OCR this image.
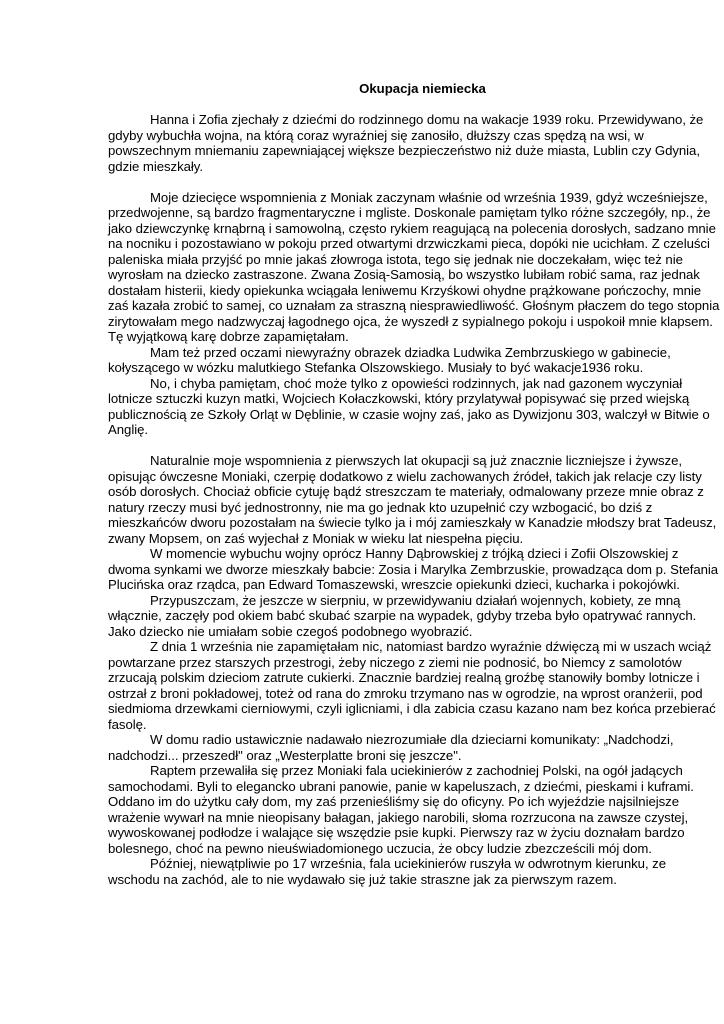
Okupacja niemiecka

Hanna i Zofia zjechały z dziećmi do rodzinnego domu na wakacje 1939 roku. Przewidywano, że gdyby wybuchła wojna, na którą coraz wyraźniej się zanosiło, dłuższy czas spędzą na wsi, w powszechnym mniemaniu zapewniającej większe bezpieczeństwo niż duże miasta, Lublin czy Gdynia, gdzie mieszkały.

Moje dziecięce wspomnienia z Moniak zaczynam właśnie od września 1939, gdyż wcześniejsze, przedwojenne, są bardzo fragmentaryczne i mgliste. Doskonale pamiętam tylko różne szczegóły, np., że jako dziewczynkę krnąbrną i samowolną, często rykiem reagującą na polecenia dorosłych, sadzano mnie na nocniku i pozostawiano w pokoju przed otwartymi drzwiczkami pieca, dopóki nie ucichłam. Z czeluści paleniska miała przyjść po mnie jakaś złowroga istota, tego się jednak nie doczekałam, więc też nie wyrosłam na dziecko zastraszone. Zwana Zosią-Samosią, bo wszystko lubiłam robić sama, raz jednak dostałam histerii, kiedy opiekunka wciągała leniwemu Krzyśkowi ohydne prążkowane pończochy, mnie zaś kazała zrobić to samej, co uznałam za straszną niesprawiedliwość. Głośnym płaczem do tego stopnia zirytowałam mego nadzwyczaj łagodnego ojca, że wyszedł z sypialnego pokoju i uspokoił mnie klapsem. Tę wyjątkową karę dobrze zapamiętałam.

Mam też przed oczami niewyraźny obrazek dziadka Ludwika Zembrzuskiego w gabinecie, kołyszącego w wózku malutkiego Stefanka Olszowskiego. Musiały to być wakacje1936 roku.

No, i chyba pamiętam, choć może tylko z opowieści rodzinnych, jak nad gazonem wyczyniał lotnicze sztuczki kuzyn matki, Wojciech Kołaczkowski, który przylatywał popisywać się przed wiejską publicznością ze Szkoły Orląt w Dęblinie, w czasie wojny zaś, jako as Dywizjonu 303, walczył w Bitwie o Anglię.

Naturalnie moje wspomnienia z pierwszych lat okupacji są już znacznie liczniejsze i żywsze, opisując ówczesne Moniaki, czerpię dodatkowo z wielu zachowanych źródeł, takich jak relacje czy listy osób dorosłych. Chociaż obficie cytuję bądź streszczam te materiały, odmalowany przeze mnie obraz z natury rzeczy musi być jednostronny, nie ma go jednak kto uzupełnić czy wzbogacić, bo dziś z mieszkańców dworu pozostałam na świecie tylko ja i mój zamieszkały w Kanadzie młodszy brat Tadeusz, zwany Mopsem, on zaś wyjechał z Moniak w wieku lat niespełna pięciu.

W momencie wybuchu wojny oprócz Hanny Dąbrowskiej z trójką dzieci i Zofii Olszowskiej z dwoma synkami we dworze mieszkały babcie: Zosia i Marylka Zembrzuskie, prowadząca dom p. Stefania Plucińska oraz rządca, pan Edward Tomaszewski, wreszcie opiekunki dzieci, kucharka i pokojówki.

Przypuszczam, że jeszcze w sierpniu, w przewidywaniu działań wojennych, kobiety, ze mną włącznie, zaczęły pod okiem babć skubać szarpie na wypadek, gdyby trzeba było opatrywać rannych. Jako dziecko nie umiałam sobie czegoś podobnego wyobrazić.

Z dnia 1 września nie zapamiętałam nic, natomiast bardzo wyraźnie dźwięczą mi w uszach wciąż powtarzane przez starszych przestrogi, żeby niczego z ziemi nie podnosić, bo Niemcy z samolotów zrzucają polskim dzieciom zatrute cukierki. Znacznie bardziej realną groźbę stanowiły bomby lotnicze i ostrzał z broni pokładowej, toteż od rana do zmroku trzymano nas w ogrodzie, na wprost oranżerii, pod siedmioma drzewkami cierniowymi, czyli iglicniami, i dla zabicia czasu kazano nam bez końca przebierać fasolę.

W domu radio ustawicznie nadawało niezrozumiałe dla dzieciarni komunikaty: „Nadchodzi, nadchodzi... przeszedł" oraz „Westerplatte broni się jeszcze".

Raptem przewaliła się przez Moniaki fala uciekinierów z zachodniej Polski, na ogół jadących samochodami. Byli to elegancko ubrani panowie, panie w kapeluszach, z dziećmi, pieskami i kuframi. Oddano im do użytku cały dom, my zaś przenieśliśmy się do oficyny. Po ich wyjeździe najsilniejsze wrażenie wywarł na mnie nieopisany bałagan, jakiego narobili, słoma rozrzucona na zawsze czystej, wywoskowanej podłodze i walające się wszędzie psie kupki. Pierwszy raz w życiu doznałam bardzo bolesnego, choć na pewno nieuświadomionego uczucia, że obcy ludzie zbezcześcili mój dom.

Później, niewątpliwie po 17 września, fala uciekinierów ruszyła w odwrotnym kierunku, ze wschodu na zachód, ale to nie wydawało się już takie straszne jak za pierwszym razem.
